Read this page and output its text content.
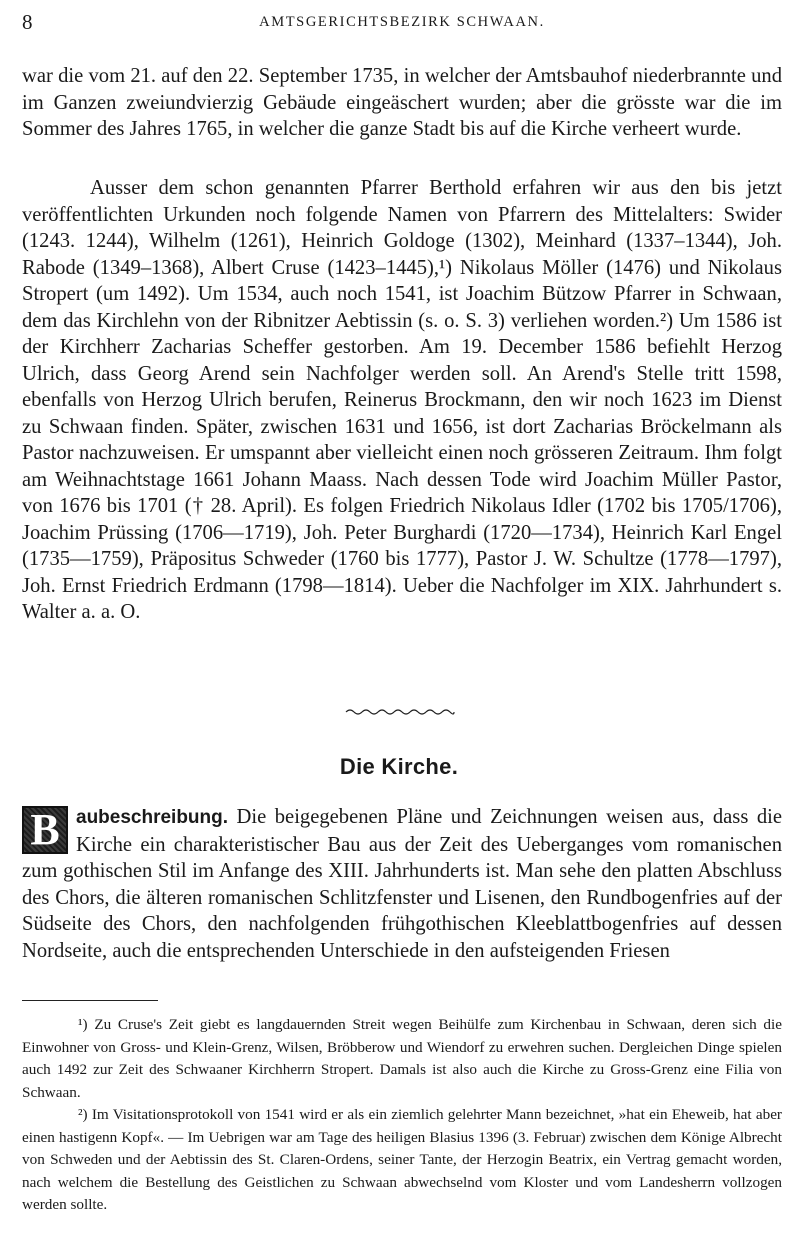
8	AMTSGERICHTSBEZIRK SCHWAAN.

war die vom 21. auf den 22. September 1735, in welcher der Amtsbauhof niederbrannte und im Ganzen zweiundvierzig Gebäude eingeäschert wurden; aber die grösste war die im Sommer des Jahres 1765, in welcher die ganze Stadt bis auf die Kirche verheert wurde.

Ausser dem schon genannten Pfarrer Berthold erfahren wir aus den bis jetzt veröffentlichten Urkunden noch folgende Namen von Pfarrern des Mittelalters: Swider (1243. 1244), Wilhelm (1261), Heinrich Goldoge (1302), Meinhard (1337–1344), Joh. Rabode (1349–1368), Albert Cruse (1423–1445),¹) Nikolaus Möller (1476) und Nikolaus Stropert (um 1492). Um 1534, auch noch 1541, ist Joachim Bützow Pfarrer in Schwaan, dem das Kirchlehn von der Ribnitzer Aebtissin (s. o. S. 3) verliehen worden.²) Um 1586 ist der Kirchherr Zacharias Scheffer gestorben. Am 19. December 1586 befiehlt Herzog Ulrich, dass Georg Arend sein Nachfolger werden soll. An Arend's Stelle tritt 1598, ebenfalls von Herzog Ulrich berufen, Reinerus Brockmann, den wir noch 1623 im Dienst zu Schwaan finden. Später, zwischen 1631 und 1656, ist dort Zacharias Bröckelmann als Pastor nachzuweisen. Er umspannt aber vielleicht einen noch grösseren Zeitraum. Ihm folgt am Weihnachtstage 1661 Johann Maass. Nach dessen Tode wird Joachim Müller Pastor, von 1676 bis 1701 († 28. April). Es folgen Friedrich Nikolaus Idler (1702 bis 1705/1706), Joachim Prüssing (1706—1719), Joh. Peter Burghardi (1720—1734), Heinrich Karl Engel (1735—1759), Präpositus Schweder (1760 bis 1777), Pastor J. W. Schultze (1778—1797), Joh. Ernst Friedrich Erdmann (1798—1814). Ueber die Nachfolger im XIX. Jahrhundert s. Walter a. a. O.

Die Kirche.
B aubeschreibung. Die beigegebenen Pläne und Zeichnungen weisen aus, dass die Kirche ein charakteristischer Bau aus der Zeit des Ueberganges vom romanischen zum gothischen Stil im Anfange des XIII. Jahrhunderts ist. Man sehe den platten Abschluss des Chors, die älteren romanischen Schlitzfenster und Lisenen, den Rundbogenfries auf der Südseite des Chors, den nachfolgenden frühgothischen Kleeblattbogenfries auf dessen Nordseite, auch die entsprechenden Unterschiede in den aufsteigenden Friesen

¹) Zu Cruse's Zeit giebt es langdauernden Streit wegen Beihülfe zum Kirchenbau in Schwaan, deren sich die Einwohner von Gross- und Klein-Grenz, Wilsen, Bröbberow und Wiendorf zu erwehren suchen. Dergleichen Dinge spielen auch 1492 zur Zeit des Schwaaner Kirchherrn Stropert. Damals ist also auch die Kirche zu Gross-Grenz eine Filia von Schwaan.

²) Im Visitationsprotokoll von 1541 wird er als ein ziemlich gelehrter Mann bezeichnet, »hat ein Eheweib, hat aber einen hastigenn Kopf«. — Im Uebrigen war am Tage des heiligen Blasius 1396 (3. Februar) zwischen dem Könige Albrecht von Schweden und der Aebtissin des St. Claren-Ordens, seiner Tante, der Herzogin Beatrix, ein Vertrag gemacht worden, nach welchem die Bestellung des Geistlichen zu Schwaan abwechselnd vom Kloster und vom Landesherrn vollzogen werden sollte.
